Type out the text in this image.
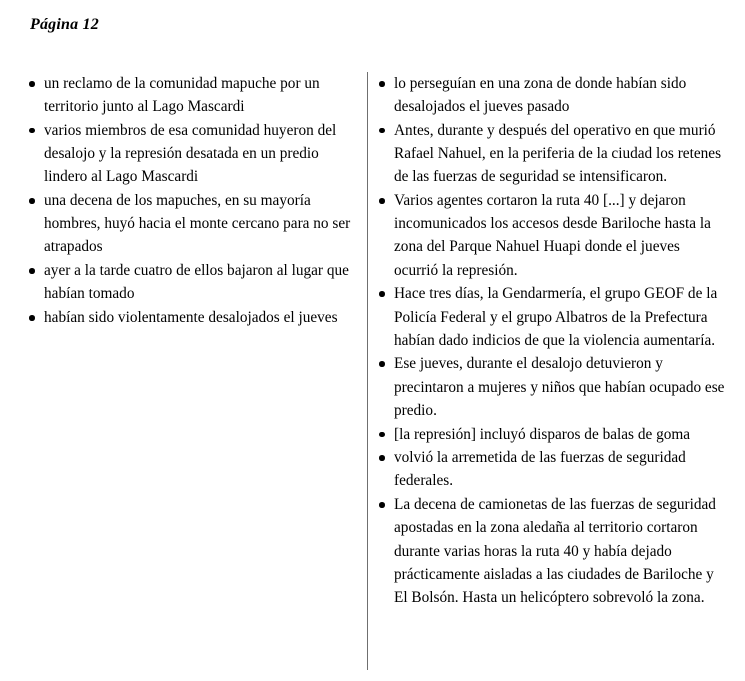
Página 12
un reclamo de la comunidad mapuche por un territorio junto al Lago Mascardi
varios miembros de esa comunidad huyeron del desalojo y la represión desatada en un predio lindero al Lago Mascardi
una decena de los mapuches, en su mayoría hombres, huyó hacia el monte cercano para no ser atrapados
ayer a la tarde cuatro de ellos bajaron al lugar que habían tomado
habían sido violentamente desalojados el jueves
lo perseguían en una zona de donde habían sido desalojados el jueves pasado
Antes, durante y después del operativo en que murió Rafael Nahuel, en la periferia de la ciudad los retenes de las fuerzas de seguridad se intensificaron.
Varios agentes cortaron la ruta 40 [...] y dejaron incomunicados los accesos desde Bariloche hasta la zona del Parque Nahuel Huapi donde el jueves ocurrió la represión.
Hace tres días, la Gendarmería, el grupo GEOF de la Policía Federal y el grupo Albatros de la Prefectura habían dado indicios de que la violencia aumentaría.
Ese jueves, durante el desalojo detuvieron y precintaron a mujeres y niños que habían ocupado ese predio.
[la represión] incluyó disparos de balas de goma
volvió la arremetida de las fuerzas de seguridad federales.
La decena de camionetas de las fuerzas de seguridad apostadas en la zona aledaña al territorio cortaron durante varias horas la ruta 40 y había dejado prácticamente aisladas a las ciudades de Bariloche y El Bolsón. Hasta un helicóptero sobrevoló la zona.
